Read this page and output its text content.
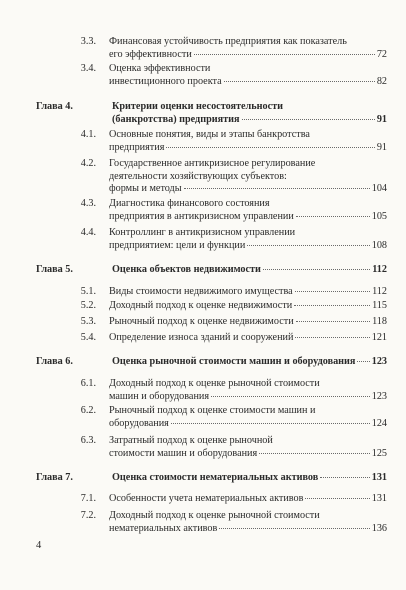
3.3. Финансовая устойчивость предприятия как показатель
его эффективности	72
3.4. Оценка эффективности
инвестиционного проекта	82
Глава 4.	Критерии оценки несостоятельности
(банкротства) предприятия	91
4.1. Основные понятия, виды и этапы банкротства
предприятия	91
4.2. Государственное антикризисное регулирование
деятельности хозяйствующих субъектов:
формы и методы	104
4.3. Диагностика финансового состояния
предприятия в антикризисном управлении	105
4.4. Контроллинг в антикризисном управлении
предприятием: цели и функции	108
Глава 5.	Оценка объектов недвижимости	112
5.1. Виды стоимости недвижимого имущества	112
5.2. Доходный подход к оценке недвижимости	115
5.3. Рыночный подход к оценке недвижимости	118
5.4. Определение износа зданий и сооружений	121
Глава 6.	Оценка рыночной стоимости машин и оборудования 123
6.1. Доходный подход к оценке рыночной стоимости
машин и оборудования	123
6.2. Рыночный подход к оценке стоимости машин и
оборудования	124
6.3. Затратный подход к оценке рыночной
стоимости машин и оборудования	125
Глава 7.	Оценка стоимости нематериальных активов	131
7.1. Особенности учета нематериальных активов	131
7.2. Доходный подход к оценке рыночной стоимости
нематериальных активов	136
4
